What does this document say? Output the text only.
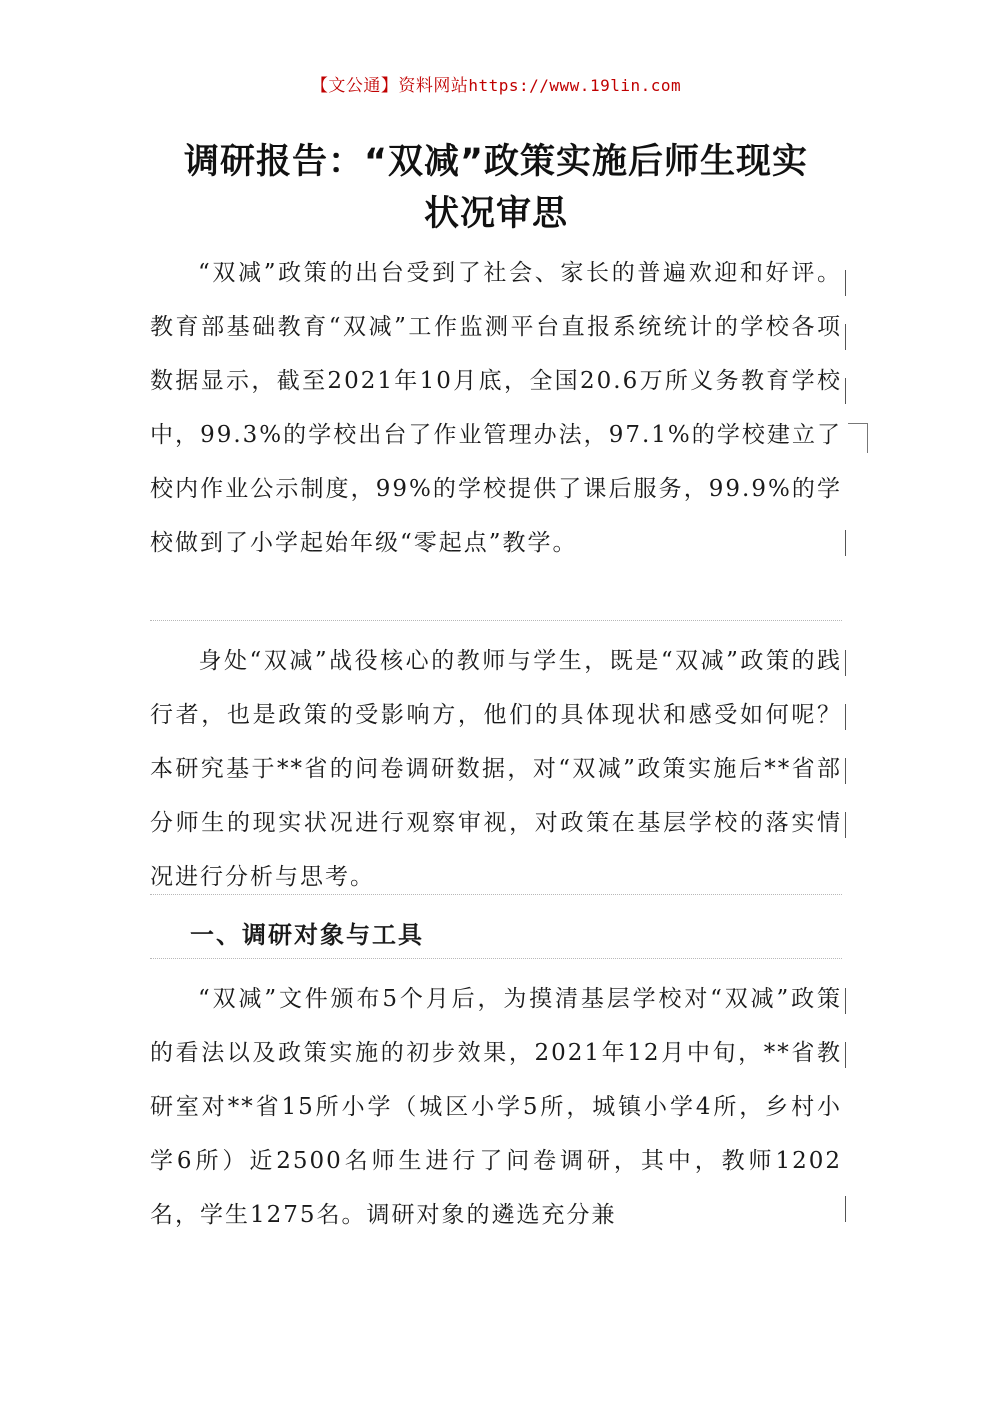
【文公通】资料网站https://www.19lin.com
调研报告：“双减”政策实施后师生现实
状况审思

“双减”政策的出台受到了社会、家长的普遍欢迎和好评。教育部基础教育“双减”工作监测平台直报系统统计的学校各项数据显示，截至2021年10月底，全国20.6万所义务教育学校中，99.3%的学校出台了作业管理办法，97.1%的学校建立了校内作业公示制度，99%的学校提供了课后服务，99.9%的学校做到了小学起始年级“零起点”教学。

身处“双减”战役核心的教师与学生，既是“双减”政策的践行者，也是政策的受影响方，他们的具体现状和感受如何呢？本研究基于**省的问卷调研数据，对“双减”政策实施后**省部分师生的现实状况进行观察审视，对政策在基层学校的落实情况进行分析与思考。

一、调研对象与工具

“双减”文件颁布5个月后，为摸清基层学校对“双减”政策的看法以及政策实施的初步效果，2021年12月中旬，**省教研室对**省15所小学（城区小学5所，城镇小学4所，乡村小学6所）近2500名师生进行了问卷调研，其中，教师1202名，学生1275名。调研对象的遴选充分兼
